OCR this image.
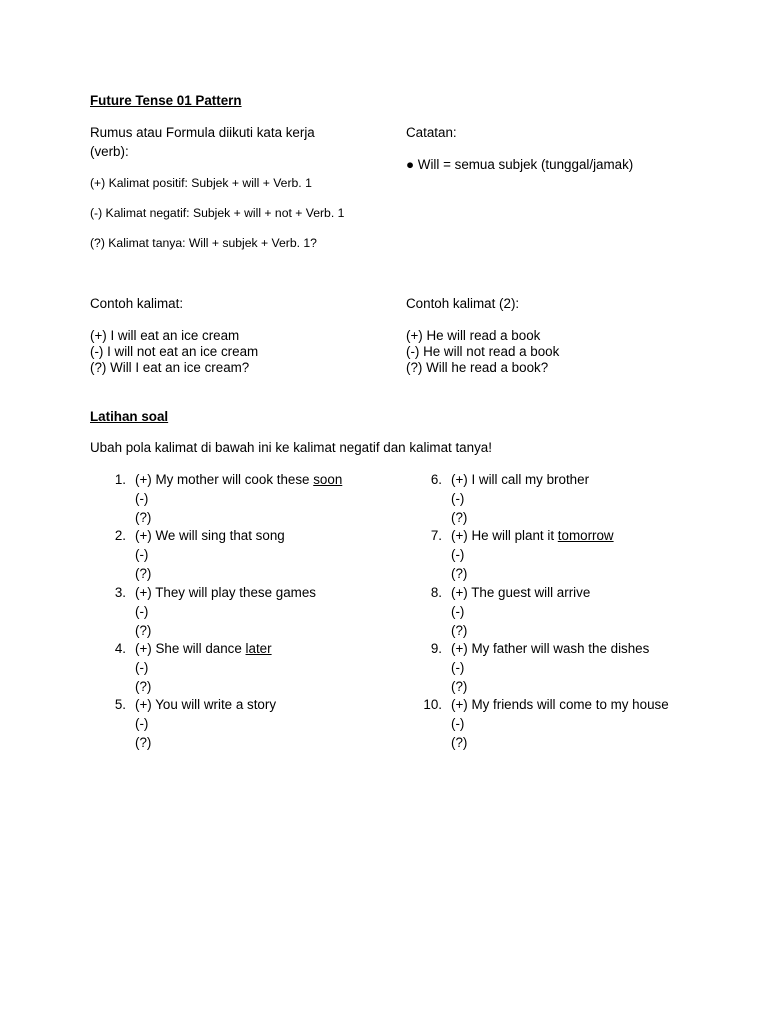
Future Tense 01 Pattern
Rumus atau Formula diikuti kata kerja
(verb):
(+) Kalimat positif: Subjek + will + Verb. 1
(-) Kalimat negatif: Subjek + will + not + Verb. 1
(?) Kalimat tanya: Will + subjek + Verb. 1?
Catatan:
● Will = semua subjek (tunggal/jamak)
Contoh kalimat:
(+) I will eat an ice cream
(-) I will not eat an ice cream
(?) Will I eat an ice cream?
Contoh kalimat (2):
(+) He will read a book
(-) He will not read a book
(?) Will he read a book?
Latihan soal
Ubah pola kalimat di bawah ini ke kalimat negatif dan kalimat tanya!
1. (+) My mother will cook these soon
(-)
(?)
2. (+) We will sing that song
(-)
(?)
3. (+) They will play these games
(-)
(?)
4. (+) She will dance later
(-)
(?)
5. (+) You will write a story
(-)
(?)
6. (+) I will call my brother
(-)
(?)
7. (+) He will plant it tomorrow
(-)
(?)
8. (+) The guest will arrive
(-)
(?)
9. (+) My father will wash the dishes
(-)
(?)
10. (+) My friends will come to my house
(-)
(?)
